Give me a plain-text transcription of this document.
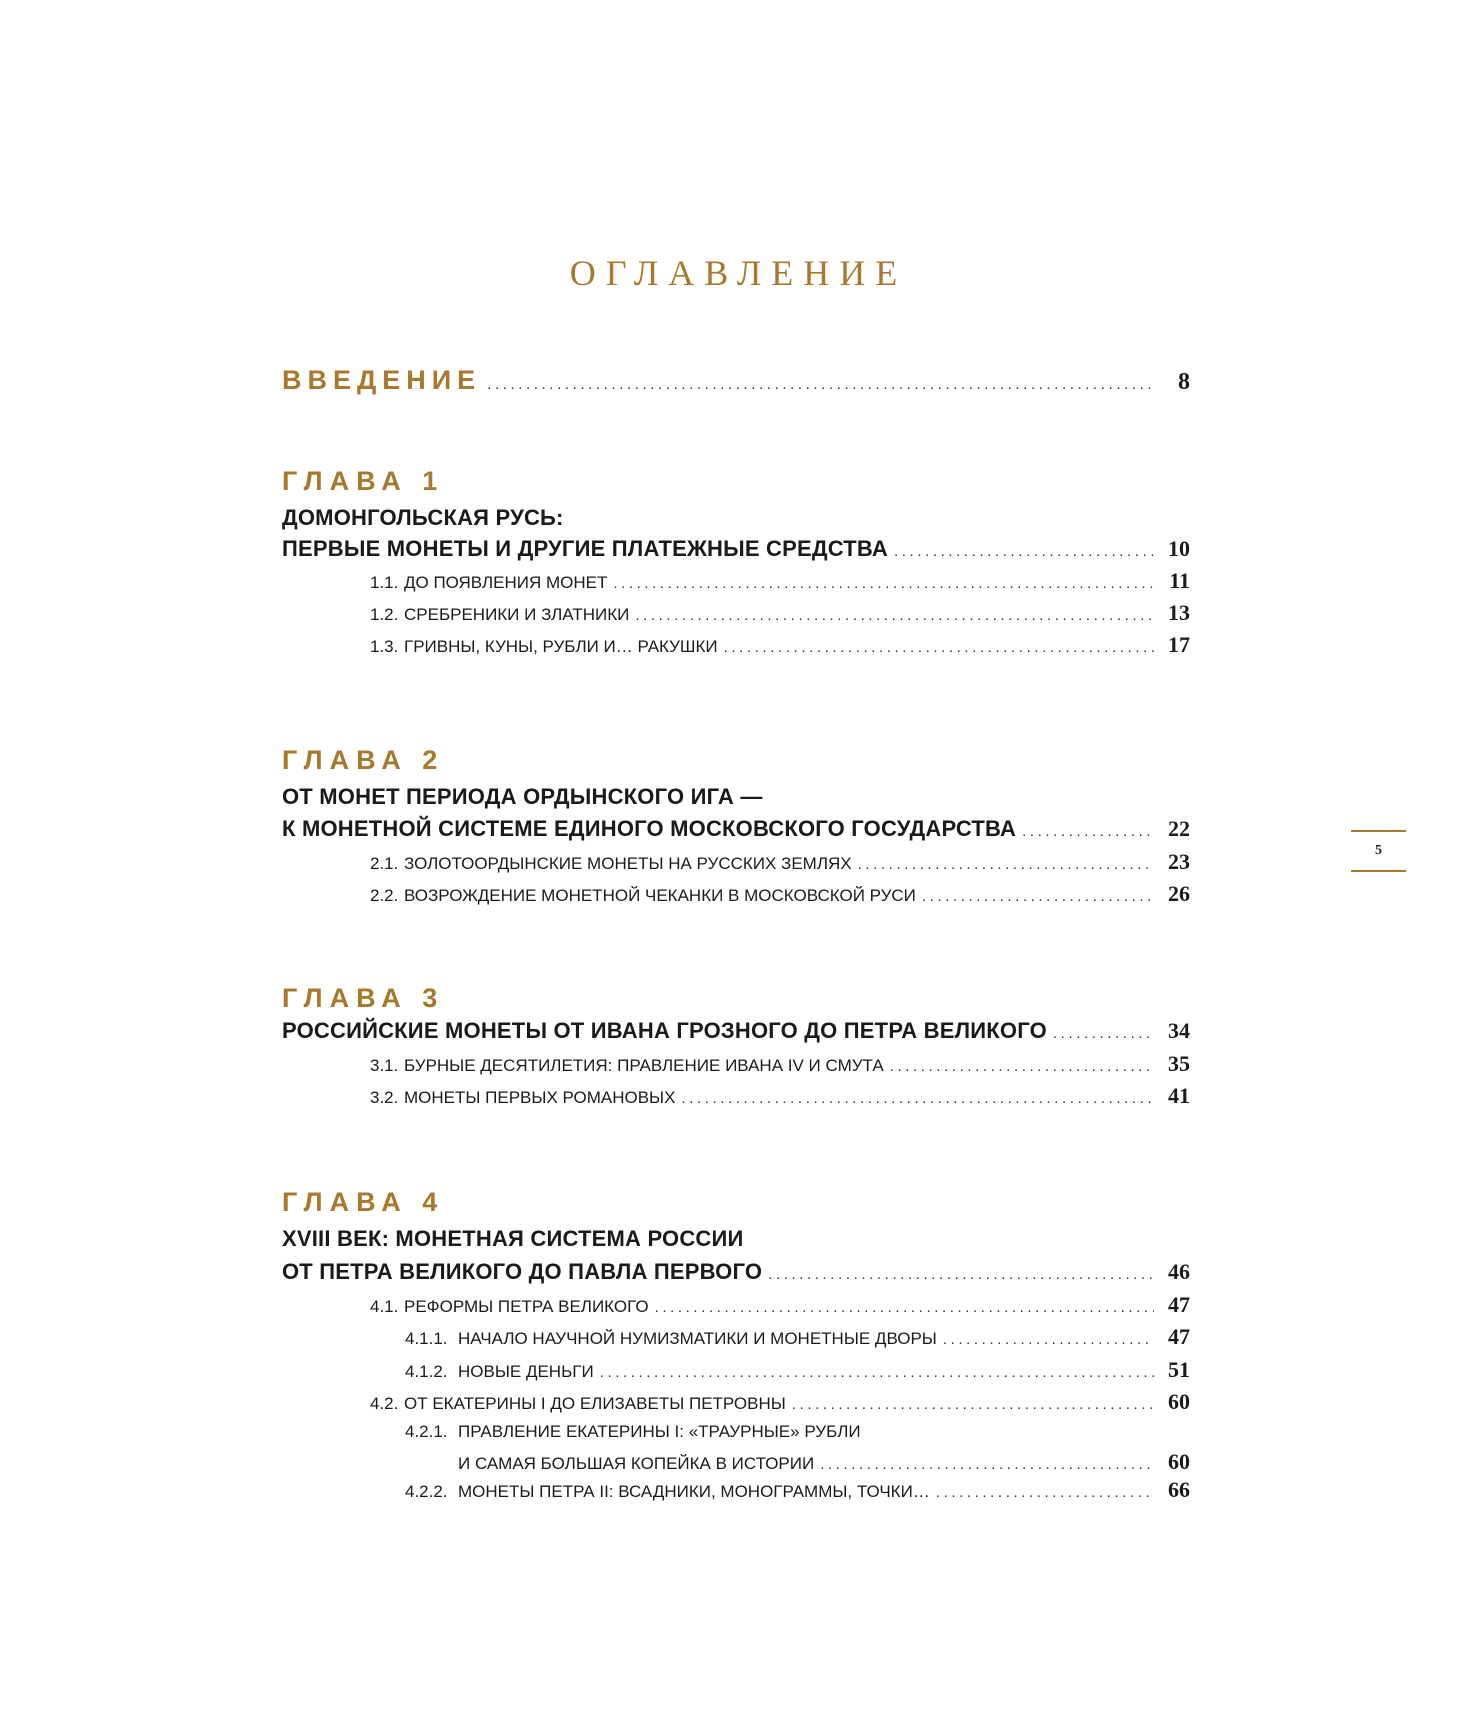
ОГЛАВЛЕНИЕ
ВВЕДЕНИЕ .....	8
ГЛАВА 1
ДОМОНГОЛЬСКАЯ РУСЬ:
ПЕРВЫЕ МОНЕТЫ И ДРУГИЕ ПЛАТЕЖНЫЕ СРЕДСТВА .....	10
1.1. ДО ПОЯВЛЕНИЯ МОНЕТ .....	11
1.2. СРЕБРЕНИКИ И ЗЛАТНИКИ .....	13
1.3. ГРИВНЫ, КУНЫ, РУБЛИ И… РАКУШКИ .....	17
ГЛАВА 2
ОТ МОНЕТ ПЕРИОДА ОРДЫНСКОГО ИГА —
К МОНЕТНОЙ СИСТЕМЕ ЕДИНОГО МОСКОВСКОГО ГОСУДАРСТВА .....	22
2.1. ЗОЛОТООРДЫНСКИЕ МОНЕТЫ НА РУССКИХ ЗЕМЛЯХ .....	23
2.2. ВОЗРОЖДЕНИЕ МОНЕТНОЙ ЧЕКАНКИ В МОСКОВСКОЙ РУСИ .....	26
ГЛАВА 3
РОССИЙСКИЕ МОНЕТЫ ОТ ИВАНА ГРОЗНОГО ДО ПЕТРА ВЕЛИКОГО .....	34
3.1. БУРНЫЕ ДЕСЯТИЛЕТИЯ: ПРАВЛЕНИЕ ИВАНА IV И СМУТА .....	35
3.2. МОНЕТЫ ПЕРВЫХ РОМАНОВЫХ .....	41
ГЛАВА 4
XVIII ВЕК: МОНЕТНАЯ СИСТЕМА РОССИИ
ОТ ПЕТРА ВЕЛИКОГО ДО ПАВЛА ПЕРВОГО .....	46
4.1. РЕФОРМЫ ПЕТРА ВЕЛИКОГО .....	47
4.1.1. НАЧАЛО НАУЧНОЙ НУМИЗМАТИКИ И МОНЕТНЫЕ ДВОРЫ .....	47
4.1.2. НОВЫЕ ДЕНЬГИ .....	51
4.2. ОТ ЕКАТЕРИНЫ I ДО ЕЛИЗАВЕТЫ ПЕТРОВНЫ .....	60
4.2.1. ПРАВЛЕНИЕ ЕКАТЕРИНЫ I: «ТРАУРНЫЕ» РУБЛИ
И САМАЯ БОЛЬШАЯ КОПЕЙКА В ИСТОРИИ .....	60
4.2.2. МОНЕТЫ ПЕТРА II: ВСАДНИКИ, МОНОГРАММЫ, ТОЧКИ… .....	66
5
